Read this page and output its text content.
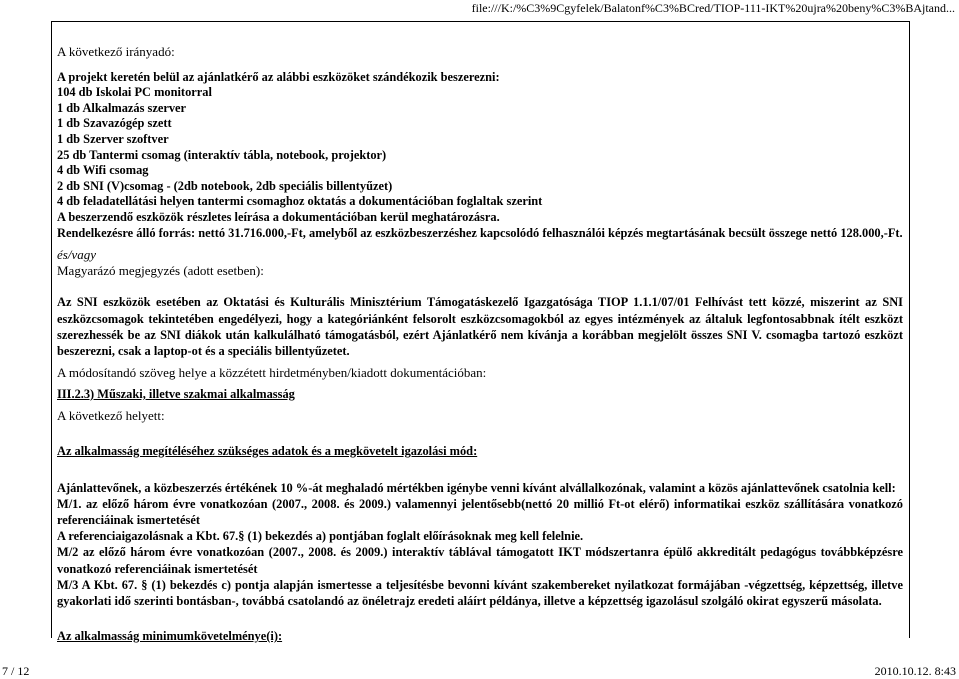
file:///K:/%C3%9Cgyfelek/Balatonf%C3%BCred/TIOP-111-IKT%20ujra%20beny%C3%BAjtand...

A következő irányadó:

A projekt keretén belül az ajánlatkérő az alábbi eszközöket szándékozik beszerezni:

104 db Iskolai PC monitorral

1 db Alkalmazás szerver

1 db Szavazógép szett

1 db Szerver szoftver

25 db Tantermi csomag (interaktív tábla, notebook, projektor)

4 db Wifi csomag

2 db SNI (V)csomag - (2db notebook, 2db speciális billentyűzet)

4 db feladatellátási helyen tantermi csomaghoz oktatás a dokumentációban foglaltak szerint

A beszerzendő eszközök részletes leírása a dokumentációban kerül meghatározásra.

Rendelkezésre álló forrás: nettó 31.716.000,-Ft, amelyből az eszközbeszerzéshez kapcsolódó felhasználói képzés megtartásának becsült összege nettó 128.000,-Ft.

és/vagy

Magyarázó megjegyzés (adott esetben):

Az SNI eszközök esetében az Oktatási és Kulturális Minisztérium Támogatáskezelő Igazgatósága TIOP 1.1.1/07/01 Felhívást tett közzé, miszerint az SNI eszközcsomagok tekintetében engedélyezi, hogy a kategóriánként felsorolt eszközcsomagokból az egyes intézmények az általuk legfontosabbnak ítélt eszközt szerezhessék be az SNI diákok után kalkulálható támogatásból, ezért Ajánlatkérő nem kívánja a korábban megjelölt összes SNI V. csomagba tartozó eszközt beszerezni, csak a laptop-ot és a speciális billentyűzetet.

A módosítandó szöveg helye a közzétett hirdetményben/kiadott dokumentációban:

III.2.3) Műszaki, illetve szakmai alkalmasság

A következő helyett:

Az alkalmasság megítéléséhez szükséges adatok és a megkövetelt igazolási mód:

Ajánlattevőnek, a közbeszerzés értékének 10 %-át meghaladó mértékben igénybe venni kívánt alvállalkozónak, valamint a közös ajánlattevőnek csatolnia kell:

M/1. az előző három évre vonatkozóan (2007., 2008. és 2009.) valamennyi jelentősebb(nettó 20 millió Ft-ot elérő) informatikai eszköz szállítására vonatkozó referenciáinak ismertetését

A referenciaigazolásnak a Kbt. 67.§ (1) bekezdés a) pontjában foglalt előírásoknak meg kell felelnie.

M/2 az előző három évre vonatkozóan (2007., 2008. és 2009.) interaktív táblával támogatott IKT módszertanra épülő akkreditált pedagógus továbbképzésre vonatkozó referenciáinak ismertetését

M/3 A Kbt. 67. § (1) bekezdés c) pontja alapján ismertesse a teljesítésbe bevonni kívánt szakembereket nyilatkozat formájában -végzettség, képzettség, illetve gyakorlati idő szerinti bontásban-, továbbá csatolandó az önéletrajz eredeti aláírt példánya, illetve a képzettség igazolásul szolgáló okirat egyszerű másolata.

Az alkalmasság minimumkövetelménye(i):

7 / 12	2010.10.12. 8:43
